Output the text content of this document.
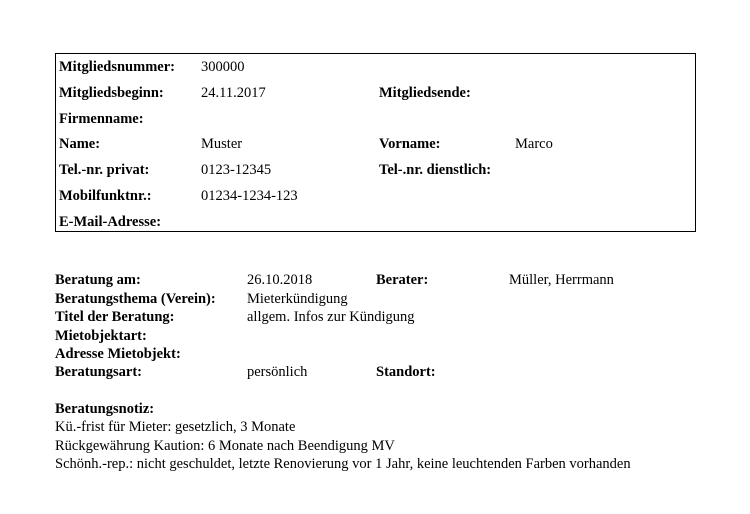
Mitgliedsnummer: 300000
Mitgliedsbeginn:	24.11.2017	Mitgliedsende:
Firmenname:
Name:	Muster	Vorname:	Marco
Tel.-nr. privat:	0123-12345	Tel-.nr. dienstlich:
Mobilfunktnr.:	01234-1234-123
E-Mail-Adresse:
Beratung am:	26.10.2018	Berater:	Müller, Herrmann
Beratungsthema (Verein): Mieterkündigung
Titel der Beratung:	allgem. Infos zur Kündigung
Mietobjektart:
Adresse Mietobjekt:
Beratungsart:	persönlich	Standort:
Beratungsnotiz:
Kü.-frist für Mieter: gesetzlich, 3 Monate
Rückgewährung Kaution: 6 Monate nach Beendigung MV
Schönh.-rep.: nicht geschuldet, letzte Renovierung vor 1 Jahr, keine leuchtenden Farben vorhanden
